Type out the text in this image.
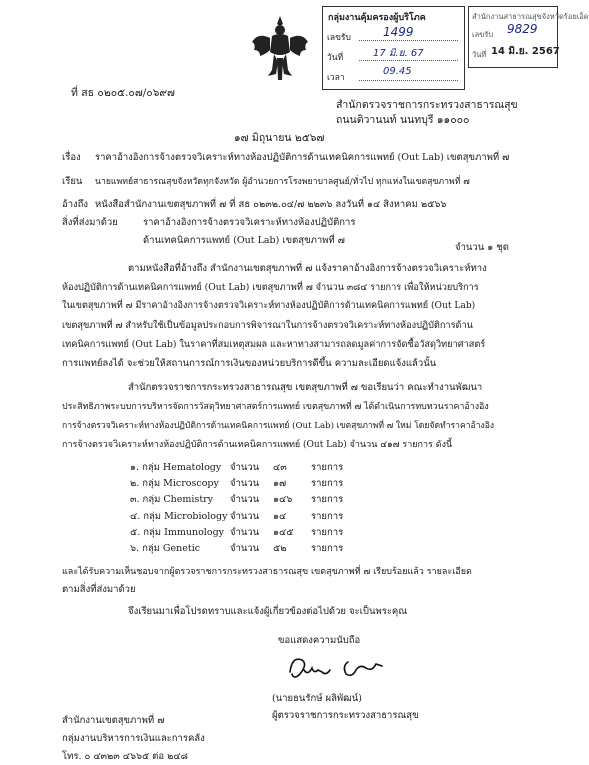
กลุ่มงานคุ้มครองผู้บริโภค
เลขรับ	1499
วันที่	17 มิ.ย. 67
เวลา
09.45
สำนักงานสาธารณสุขจังหวัดร้อยเอ็ด
เลขรับ 9829
วันที่ 14 มิ.ย. 2567
ที่ สธ ๐๒๐๕.๐๗/๐๖๙๗
สำนักตรวจราชการกระทรวงสาธารณสุข
ถนนติวานนท์ นนทบุรี ๑๑๐๐๐
๑๗ มิถุนายน ๒๕๖๗
เรื่อง ราคาอ้างอิงการจ้างตรวจวิเคราะห์ทางห้องปฏิบัติการด้านเทคนิคการแพทย์ (Out Lab) เขตสุขภาพที่ ๗
เรียน นายแพทย์สาธารณสุขจังหวัดทุกจังหวัด ผู้อำนวยการโรงพยาบาลศูนย์/ทั่วไป ทุกแห่งในเขตสุขภาพที่ ๗
อ้างถึง หนังสือสำนักงานเขตสุขภาพที่ ๗ ที่ สธ ๐๒๓๒.๐๔/๗ ๒๒๓๖ ลงวันที่ ๑๔ สิงหาคม ๒๕๖๖
สิ่งที่ส่งมาด้วย	ราคาอ้างอิงการจ้างตรวจวิเคราะห์ทางห้องปฏิบัติการ
ด้านเทคนิคการแพทย์ (Out Lab) เขตสุขภาพที่ ๗
จำนวน ๑ ชุด
ตามหนังสือที่อ้างถึง สำนักงานเขตสุขภาพที่ ๗ แจ้งราคาอ้างอิงการจ้างตรวจวิเคราะห์ทาง
ห้องปฏิบัติการด้านเทคนิคการแพทย์ (Out Lab) เขตสุขภาพที่ ๗ จำนวน ๓๘๔ รายการ เพื่อให้หน่วยบริการ
ในเขตสุขภาพที่ ๗ มีราคาอ้างอิงการจ้างตรวจวิเคราะห์ทางห้องปฏิบัติการด้านเทคนิคการแพทย์ (Out Lab)
เขตสุขภาพที่ ๗ สำหรับใช้เป็นข้อมูลประกอบการพิจารณาในการจ้างตรวจวิเคราะห์ทางห้องปฏิบัติการด้าน
เทคนิคการแพทย์ (Out Lab) ในราคาที่สมเหตุสมผล และหาทางสามารถลดมูลค่าการจัดซื้อวัสดุวิทยาศาสตร์
การแพทย์ลงได้ จะช่วยให้สถานการณ์การเงินของหน่วยบริการดีขึ้น ความละเอียดแจ้งแล้วนั้น
สำนักตรวจราชการกระทรวงสาธารณสุข เขตสุขภาพที่ ๗ ขอเรียนว่า คณะทำงานพัฒนา
ประสิทธิภาพระบบการบริหารจัดการวัสดุวิทยาศาสตร์การแพทย์ เขตสุขภาพที่ ๗ ได้ดำเนินการทบทวนราคาอ้างอิง
การจ้างตรวจวิเคราะห์ทางห้องปฏิบัติการด้านเทคนิคการแพทย์ (Out Lab) เขตสุขภาพที่ ๗ ใหม่ โดยจัดทำราคาอ้างอิง
การจ้างตรวจวิเคราะห์ทางห้องปฏิบัติการด้านเทคนิคการแพทย์ (Out Lab) จำนวน ๔๑๗ รายการ ดังนี้
๑. กลุ่ม Hematology จำนวน	๔๓	รายการ
๒. กลุ่ม Microscopy	จำนวน	๑๗	รายการ
๓. กลุ่ม Chemistry	จำนวน	๑๔๖	รายการ
๔. กลุ่ม Microbiology จำนวน	๑๔	รายการ
๕. กลุ่ม Immunology จำนวน	๑๔๕	รายการ
๖. กลุ่ม Genetic	จำนวน	๕๒	รายการ
และได้รับความเห็นชอบจากผู้ตรวจราชการกระทรวงสาธารณสุข เขตสุขภาพที่ ๗ เรียบร้อยแล้ว รายละเอียด
ตามสิ่งที่ส่งมาด้วย
จึงเรียนมาเพื่อโปรดทราบและแจ้งผู้เกี่ยวข้องต่อไปด้วย จะเป็นพระคุณ
ขอแสดงความนับถือ
(นายธนรักษ์ ผลิพัฒน์)
ผู้ตรวจราชการกระทรวงสาธารณสุข
สำนักงานเขตสุขภาพที่ ๗
กลุ่มงานบริหารการเงินและการคลัง
โทร. ๐ ๔๓๒๓ ๔๖๖๕ ต่อ ๒๔๘
